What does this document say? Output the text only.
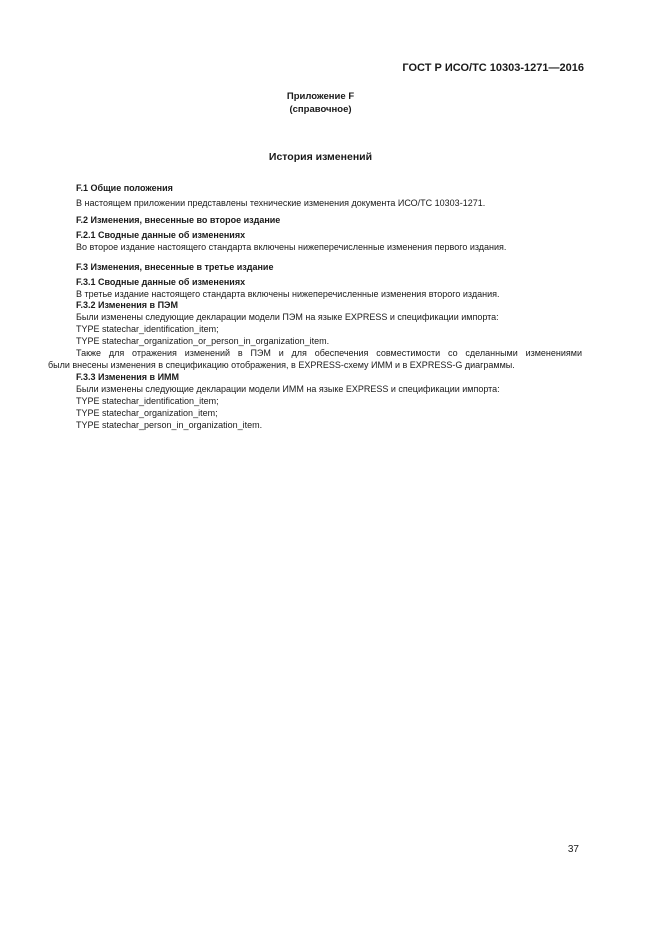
ГОСТ Р ИСО/ТС 10303-1271—2016
Приложение F
(справочное)
История изменений
F.1 Общие положения
В настоящем приложении представлены технические изменения документа ИСО/ТС 10303-1271.
F.2 Изменения, внесенные во второе издание
F.2.1 Сводные данные об изменениях
Во второе издание настоящего стандарта включены нижеперечисленные изменения первого издания.
F.3 Изменения, внесенные в третье издание
F.3.1 Сводные данные об изменениях
В третье издание настоящего стандарта включены нижеперечисленные изменения второго издания.
F.3.2 Изменения в ПЭМ
Были изменены следующие декларации модели ПЭМ на языке EXPRESS и спецификации импорта:
TYPE statechar_identification_item;
TYPE statechar_organization_or_person_in_organization_item.
Также для отражения изменений в ПЭМ и для обеспечения совместимости со сделанными изменениями
были внесены изменения в спецификацию отображения, в EXPRESS-схему ИММ и в EXPRESS-G диаграммы.
F.3.3 Изменения в ИММ
Были изменены следующие декларации модели ИММ на языке EXPRESS и спецификации импорта:
TYPE statechar_identification_item;
TYPE statechar_organization_item;
TYPE statechar_person_in_organization_item.
37
